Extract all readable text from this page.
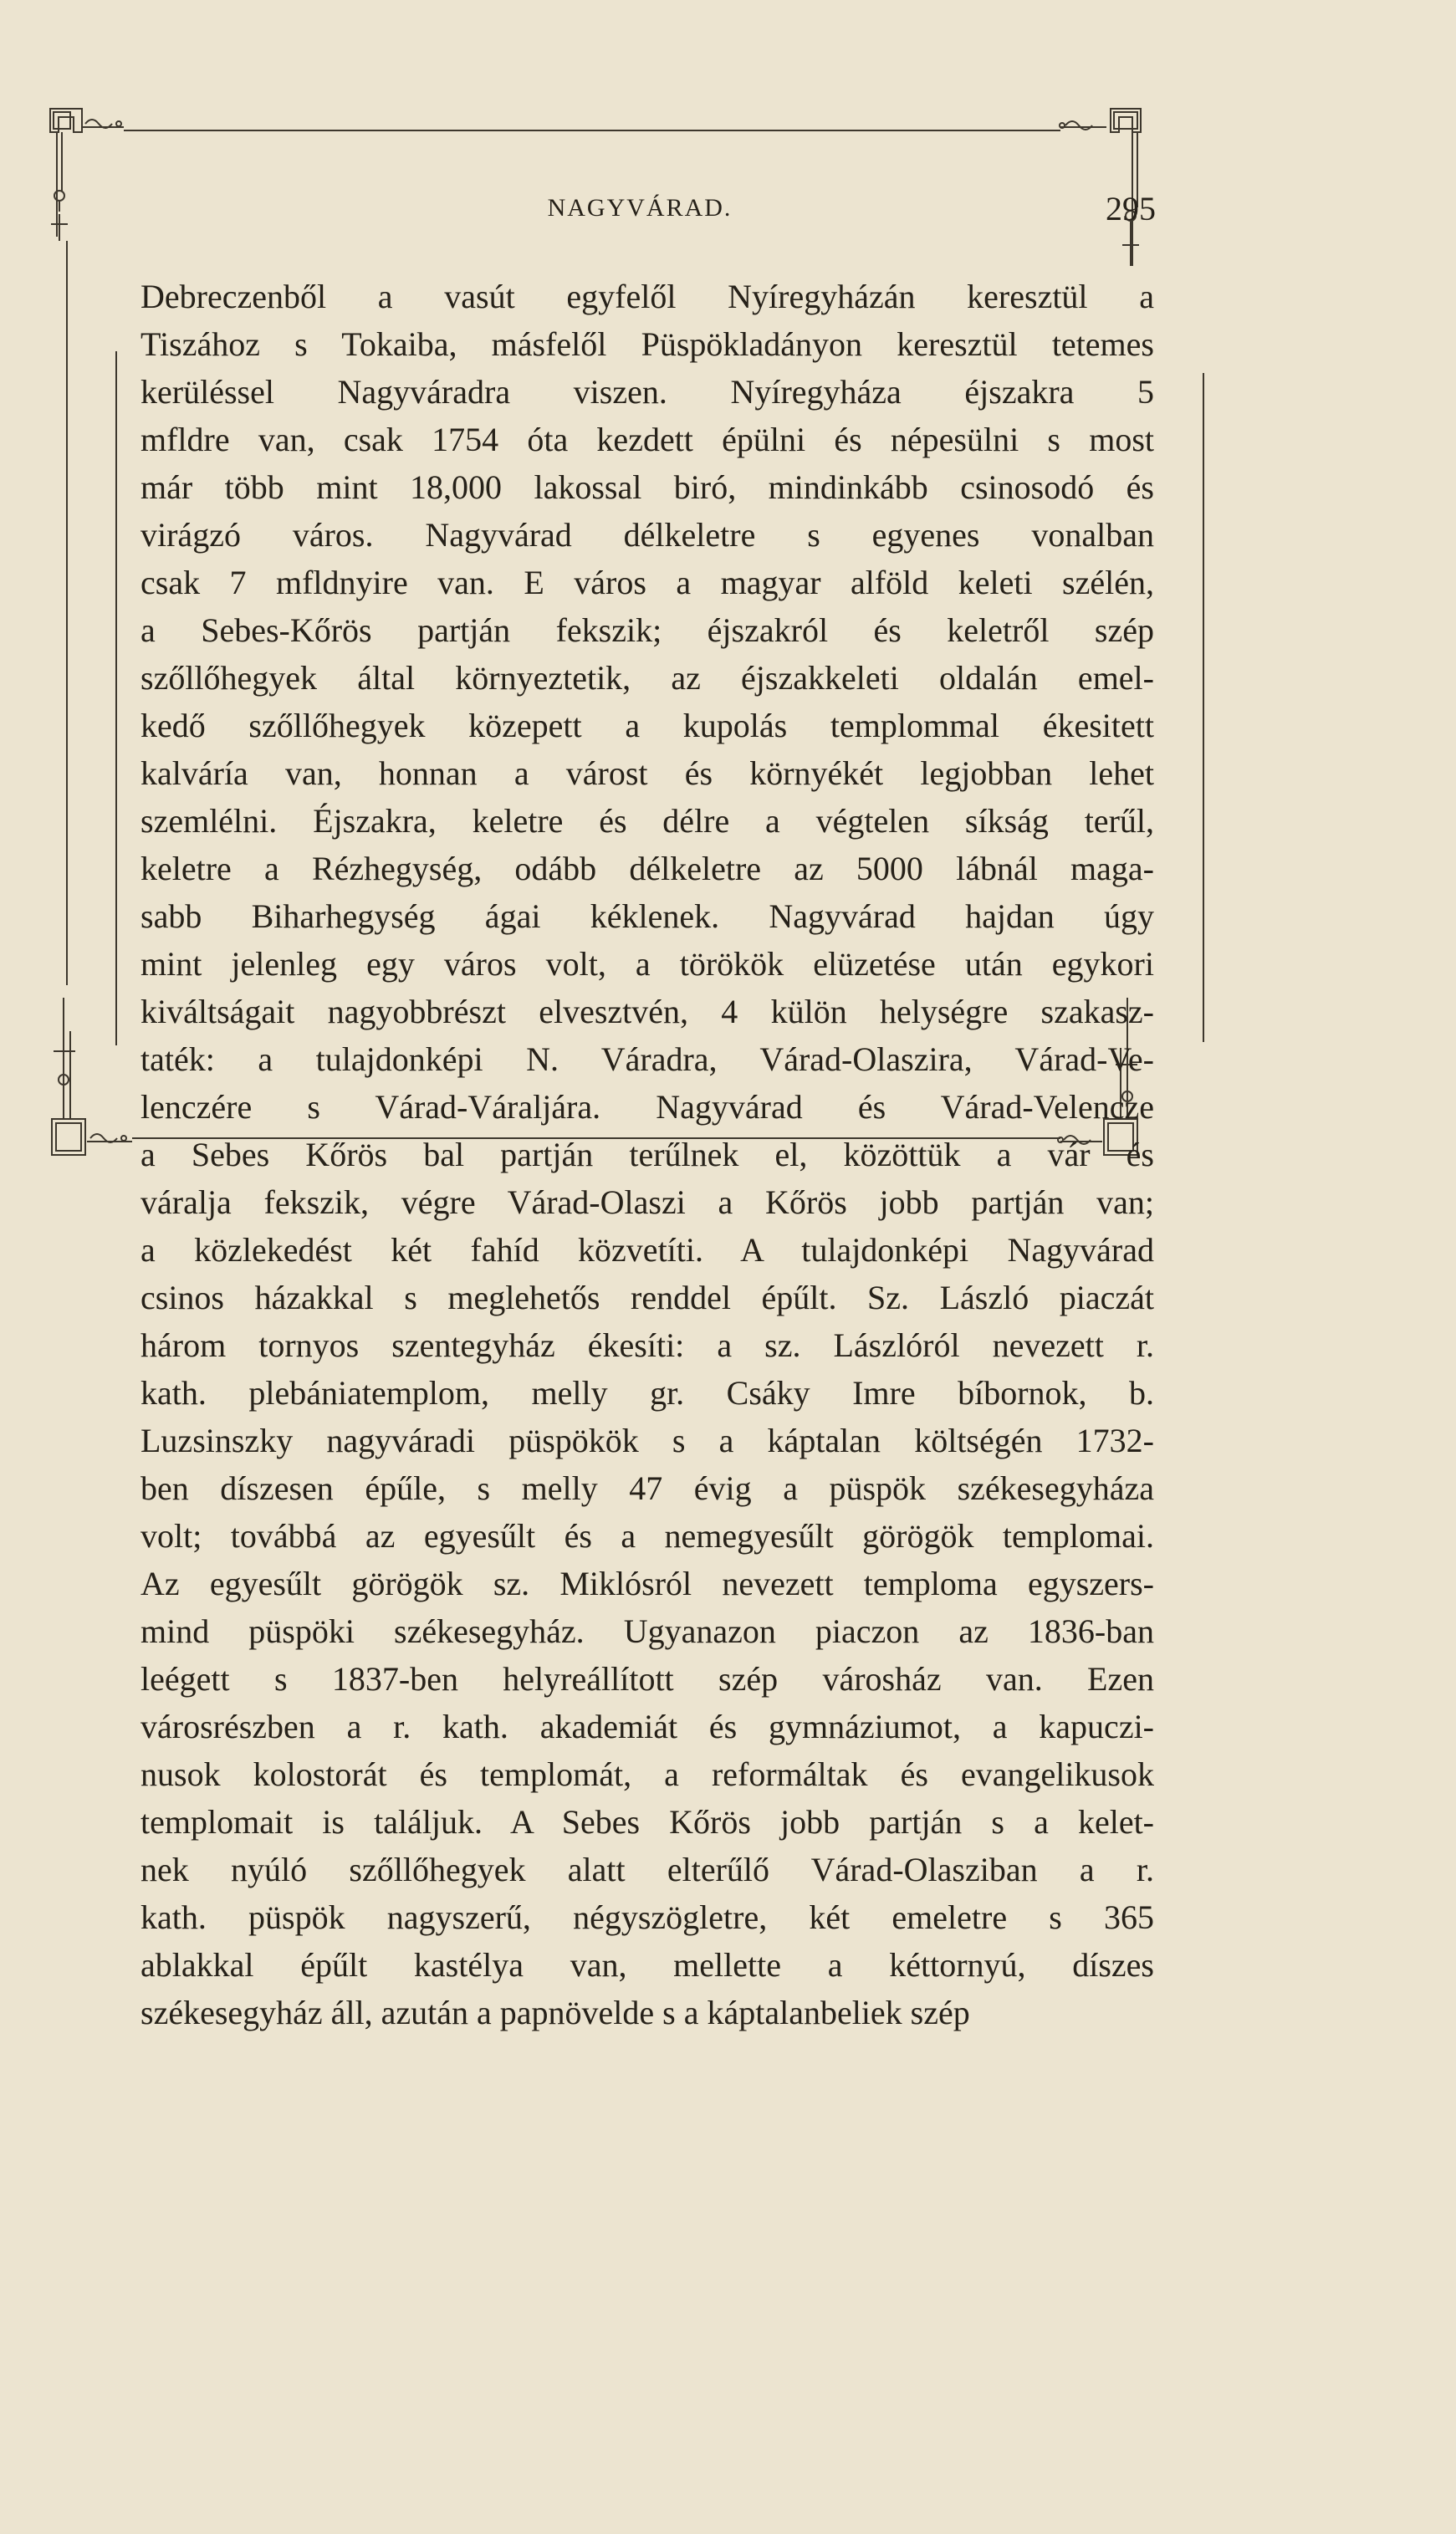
NAGYVÁRAD.	295
Debreczenből a vasút egyfelől Nyíregyházán keresztül a
Tiszához s Tokaiba, másfelől Püspökladányon keresztül tetemes
kerüléssel Nagyváradra viszen. Nyíregyháza éjszakra 5
mfldre van, csak 1754 óta kezdett épülni és népesülni s most
már több mint 18,000 lakossal biró, mindinkább csinosodó és
virágzó város. Nagyvárad délkeletre s egyenes vonalban
csak 7 mfldnyire van. E város a magyar alföld keleti szélén,
a Sebes-Kőrös partján fekszik; éjszakról és keletről szép
szőllőhegyek által környeztetik, az éjszakkeleti oldalán emel-
kedő szőllőhegyek közepett a kupolás templommal ékesitett
kalváría van, honnan a várost és környékét legjobban lehet
szemlélni. Éjszakra, keletre és délre a végtelen síkság terűl,
keletre a Rézhegység, odább délkeletre az 5000 lábnál maga-
sabb Biharhegység ágai kéklenek. Nagyvárad hajdan úgy
mint jelenleg egy város volt, a törökök elüzetése után egykori
kiváltságait nagyobbrészt elvesztvén, 4 külön helységre szakasz-
taték: a tulajdonképi N. Váradra, Várad-Olaszira, Várad-Ve-
lenczére s Várad-Váraljára. Nagyvárad és Várad-Velencze
a Sebes Kőrös bal partján terűlnek el, közöttük a vár és
váralja fekszik, végre Várad-Olaszi a Kőrös jobb partján van;
a közlekedést két fahíd közvetíti. A tulajdonképi Nagyvárad
csinos házakkal s meglehetős renddel épűlt. Sz. László piaczát
három tornyos szentegyház ékesíti: a sz. Lászlóról nevezett r.
kath. plebániatemplom, melly gr. Csáky Imre bíbornok, b.
Luzsinszky nagyváradi püspökök s a káptalan költségén 1732-
ben díszesen épűle, s melly 47 évig a püspök székesegyháza
volt; továbbá az egyesűlt és a nemegyesűlt görögök templomai.
Az egyesűlt görögök sz. Miklósról nevezett temploma egyszers-
mind püspöki székesegyház. Ugyanazon piaczon az 1836-ban
leégett s 1837-ben helyreállított szép városház van. Ezen
városrészben a r. kath. akademiát és gymnáziumot, a kapuczi-
nusok kolostorát és templomát, a reformáltak és evangelikusok
templomait is találjuk. A Sebes Kőrös jobb partján s a kelet-
nek nyúló szőllőhegyek alatt elterűlő Várad-Olasziban a r.
kath. püspök nagyszerű, négyszögletre, két emeletre s 365
ablakkal épűlt kastélya van, mellette a kéttornyú, díszes
székesegyház áll, azután a papnövelde s a káptalanbeliek szép
